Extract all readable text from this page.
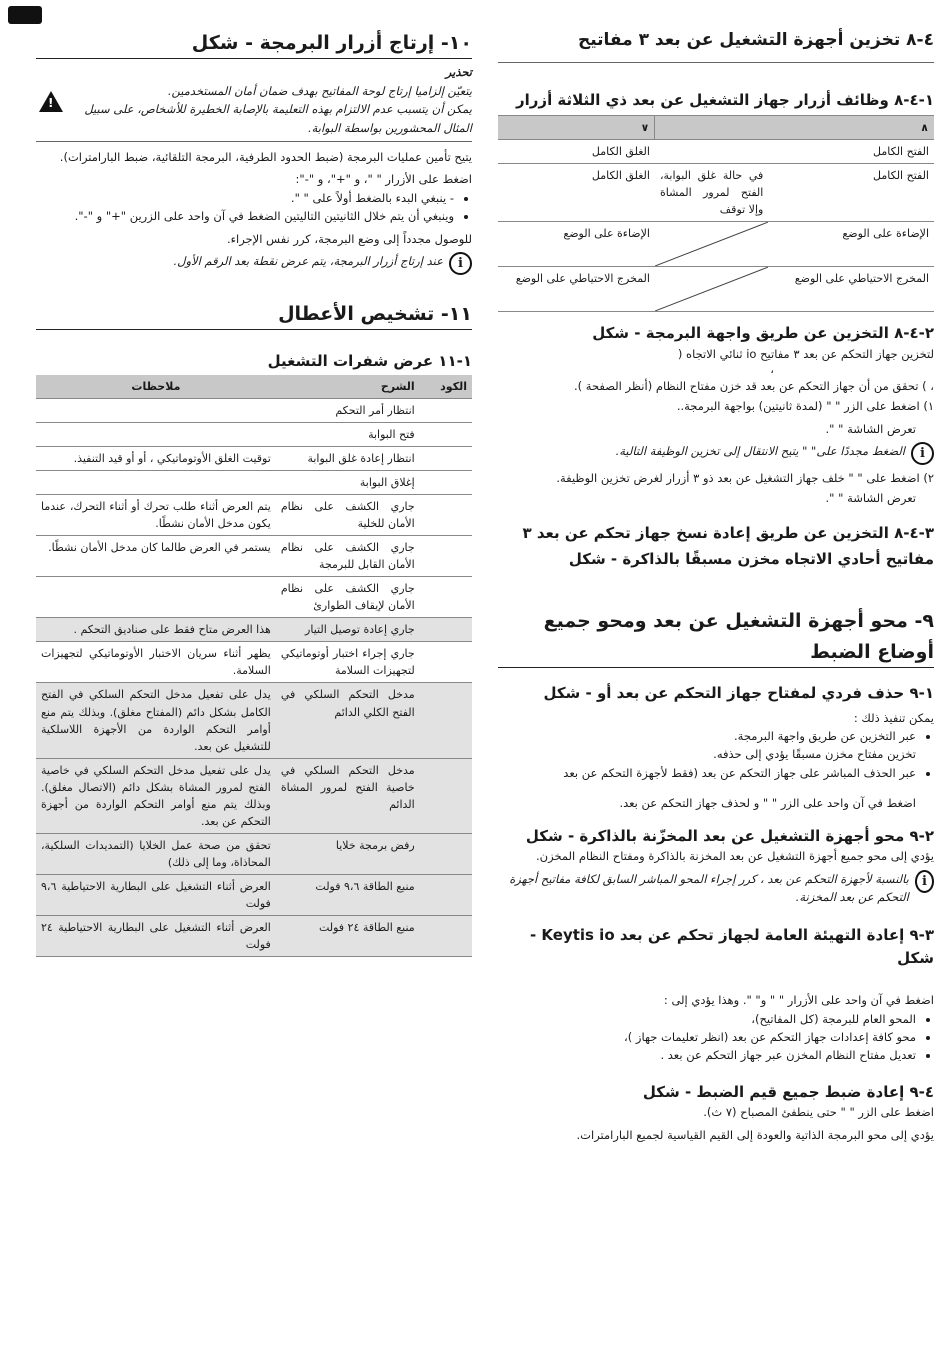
٤-٨ تخزين أجهزة التشغيل عن بعد ٣ مفاتيح
١-٤-٨ وظائف أزرار جهاز التشغيل عن بعد ذي الثلاثة أزرار
∧		∨
الفتح الكامل		الغلق الكامل
الفتح الكامل	في حالة غلق البوابة، الفتح لمرور المشاة وإلا توقف	الغلق الكامل
الإضاءة على الوضع		الإضاءة على الوضع
المخرج الاحتياطي على الوضع		المخرج الاحتياطي على الوضع
٢-٤-٨ التخزين عن طريق واجهة البرمجة - شكل

لتخزين جهاز التحكم عن بعد ٣ مفاتيح io ثنائي الاتجاه (

،

، ) تحقق من أن جهاز التحكم عن بعد قد خزن مفتاح النظام (أنظر الصفحة ).

١) اضغط على الزر " " (لمدة ثانيتين) بواجهة البرمجة..

تعرض الشاشة " ".

i

الضغط مجددًا على" " يتيح الانتقال إلى تخزين الوظيفة التالية.

٢) اضغط على " " خلف جهاز التشغيل عن بعد ذو ٣ أزرار لغرض تخزين الوظيفة.

تعرض الشاشة " ".

٣-٤-٨ التخزين عن طريق إعادة نسخ جهاز تحكم عن بعد ٣ مفاتيح أحادي الاتجاه مخزن مسبقًا بالذاكرة - شكل
٩- محو أجهزة التشغيل عن بعد ومحو جميع أوضاع الضبط
١-٩ حذف فردي لمفتاح جهاز التحكم عن بعد أو - شكل

يمكن تنفيذ ذلك :

• عبر التخزين عن طريق واجهة البرمجة.
تخزين مفتاح مخزن مسبقًا يؤدي إلى حذفه.
• عبر الحذف المباشر على جهاز التحكم عن بعد (فقط لأجهزة التحكم عن بعد
اضغط في آن واحد على الزر " " و لحذف جهاز التحكم عن بعد.
٢-٩ محو أجهزة التشغيل عن بعد المخزّنة بالذاكرة - شكل

يؤدي إلى محو جميع أجهزة التشغيل عن بعد المخزنة بالذاكرة ومفتاح النظام المخزن.

i

بالنسبة لأجهزة التحكم عن بعد ، كرر إجراء المحو المباشر السابق لكافة مفاتيح أجهزة التحكم عن بعد المخزنة.

٣-٩ إعادة التهيئة العامة لجهاز تحكم عن بعد Keytis io - شكل

اضغط في آن واحد على الأزرار " " و" ". وهذا يؤدي إلى :

• المحو العام للبرمجة (كل المفاتيح)،
• محو كافة إعدادات جهاز التحكم عن بعد (انظر تعليمات جهاز )،
• تعديل مفتاح النظام المخزن عبر جهاز التحكم عن بعد .
٤-٩ إعادة ضبط جميع قيم الضبط - شكل

اضغط على الزر " " حتى ينطفئ المصباح (٧ ث).

يؤدي إلى محو البرمجة الذاتية والعودة إلى القيم القياسية لجميع البارامترات.

١٠- إرتاج أزرار البرمجة - شكل

تحذير

يتعيّن إلزاميا إرتاج لوحة المفاتيح بهدف ضمان أمان المستخدمين.

يمكن أن يتسبب عدم الالتزام بهذه التعليمة بالإصابة الخطيرة للأشخاص، على سبيل المثال المحشورين بواسطة البوابة.

!

يتيح تأمين عمليات البرمجة (ضبط الحدود الطرفية، البرمجة التلقائية، ضبط البارامترات).

اضغط على الأزرار " "، و "+"، و "-":

• - ينبغي البدء بالضغط أولاً على " ".
• وينبغي أن يتم خلال الثانيتين التاليتين الضغط في آن واحد على الزرين "+" و "-".

للوصول مجدداً إلى وضع البرمجة، كرر نفس الإجراء.

i

عند إرتاج أزرار البرمجة، يتم عرض نقطة بعد الرقم الأول.

١١- تشخيص الأعطال
١-١١ عرض شفرات التشغيل
الكود	الشرح	ملاحظات
	انتظار أمر التحكم	
	فتح البوابة	
	انتظار إعادة غلق البوابة	توقيت الغلق الأوتوماتيكي ، أو أو قيد التنفيذ.
	إغلاق البوابة	
	جاري الكشف على نظام الأمان للخلية	يتم العرض أثناء طلب تحرك أو أثناء التحرك، عندما يكون مدخل الأمان نشطًا.
	جاري الكشف على نظام الأمان القابل للبرمجة	يستمر في العرض طالما كان مدخل الأمان نشطًا.
	جاري الكشف على نظام الأمان لإيقاف الطوارئ	
	جاري إعادة توصيل التيار	هذا العرض متاح فقط على صناديق التحكم .
	جاري إجراء اختبار أوتوماتيكي لتجهيزات السلامة	يظهر أثناء سريان الاختبار الأوتوماتيكي لتجهيزات السلامة.
	مدخل التحكم السلكي في الفتح الكلي الدائم	يدل على تفعيل مدخل التحكم السلكي في الفتح الكامل بشكل دائم (المفتاح مغلق). وبذلك يتم منع أوامر التحكم الواردة من الأجهزة اللاسلكية للتشغيل عن بعد.
	مدخل التحكم السلكي في خاصية الفتح لمرور المشاة الدائم	يدل على تفعيل مدخل التحكم السلكي في خاصية الفتح لمرور المشاة بشكل دائم (الاتصال مغلق). وبذلك يتم منع أوامر التحكم الواردة من أجهزة التحكم عن بعد.
	رفض برمجة خلايا	تحقق من صحة عمل الخلايا (التمديدات السلكية، المحاذاة، وما إلى ذلك)
	منبع الطاقة ٩،٦ فولت	العرض أثناء التشغيل على البطارية الاحتياطية ٩،٦ فولت
	منبع الطاقة ٢٤ فولت	العرض أثناء التشغيل على البطارية الاحتياطية ٢٤ فولت
